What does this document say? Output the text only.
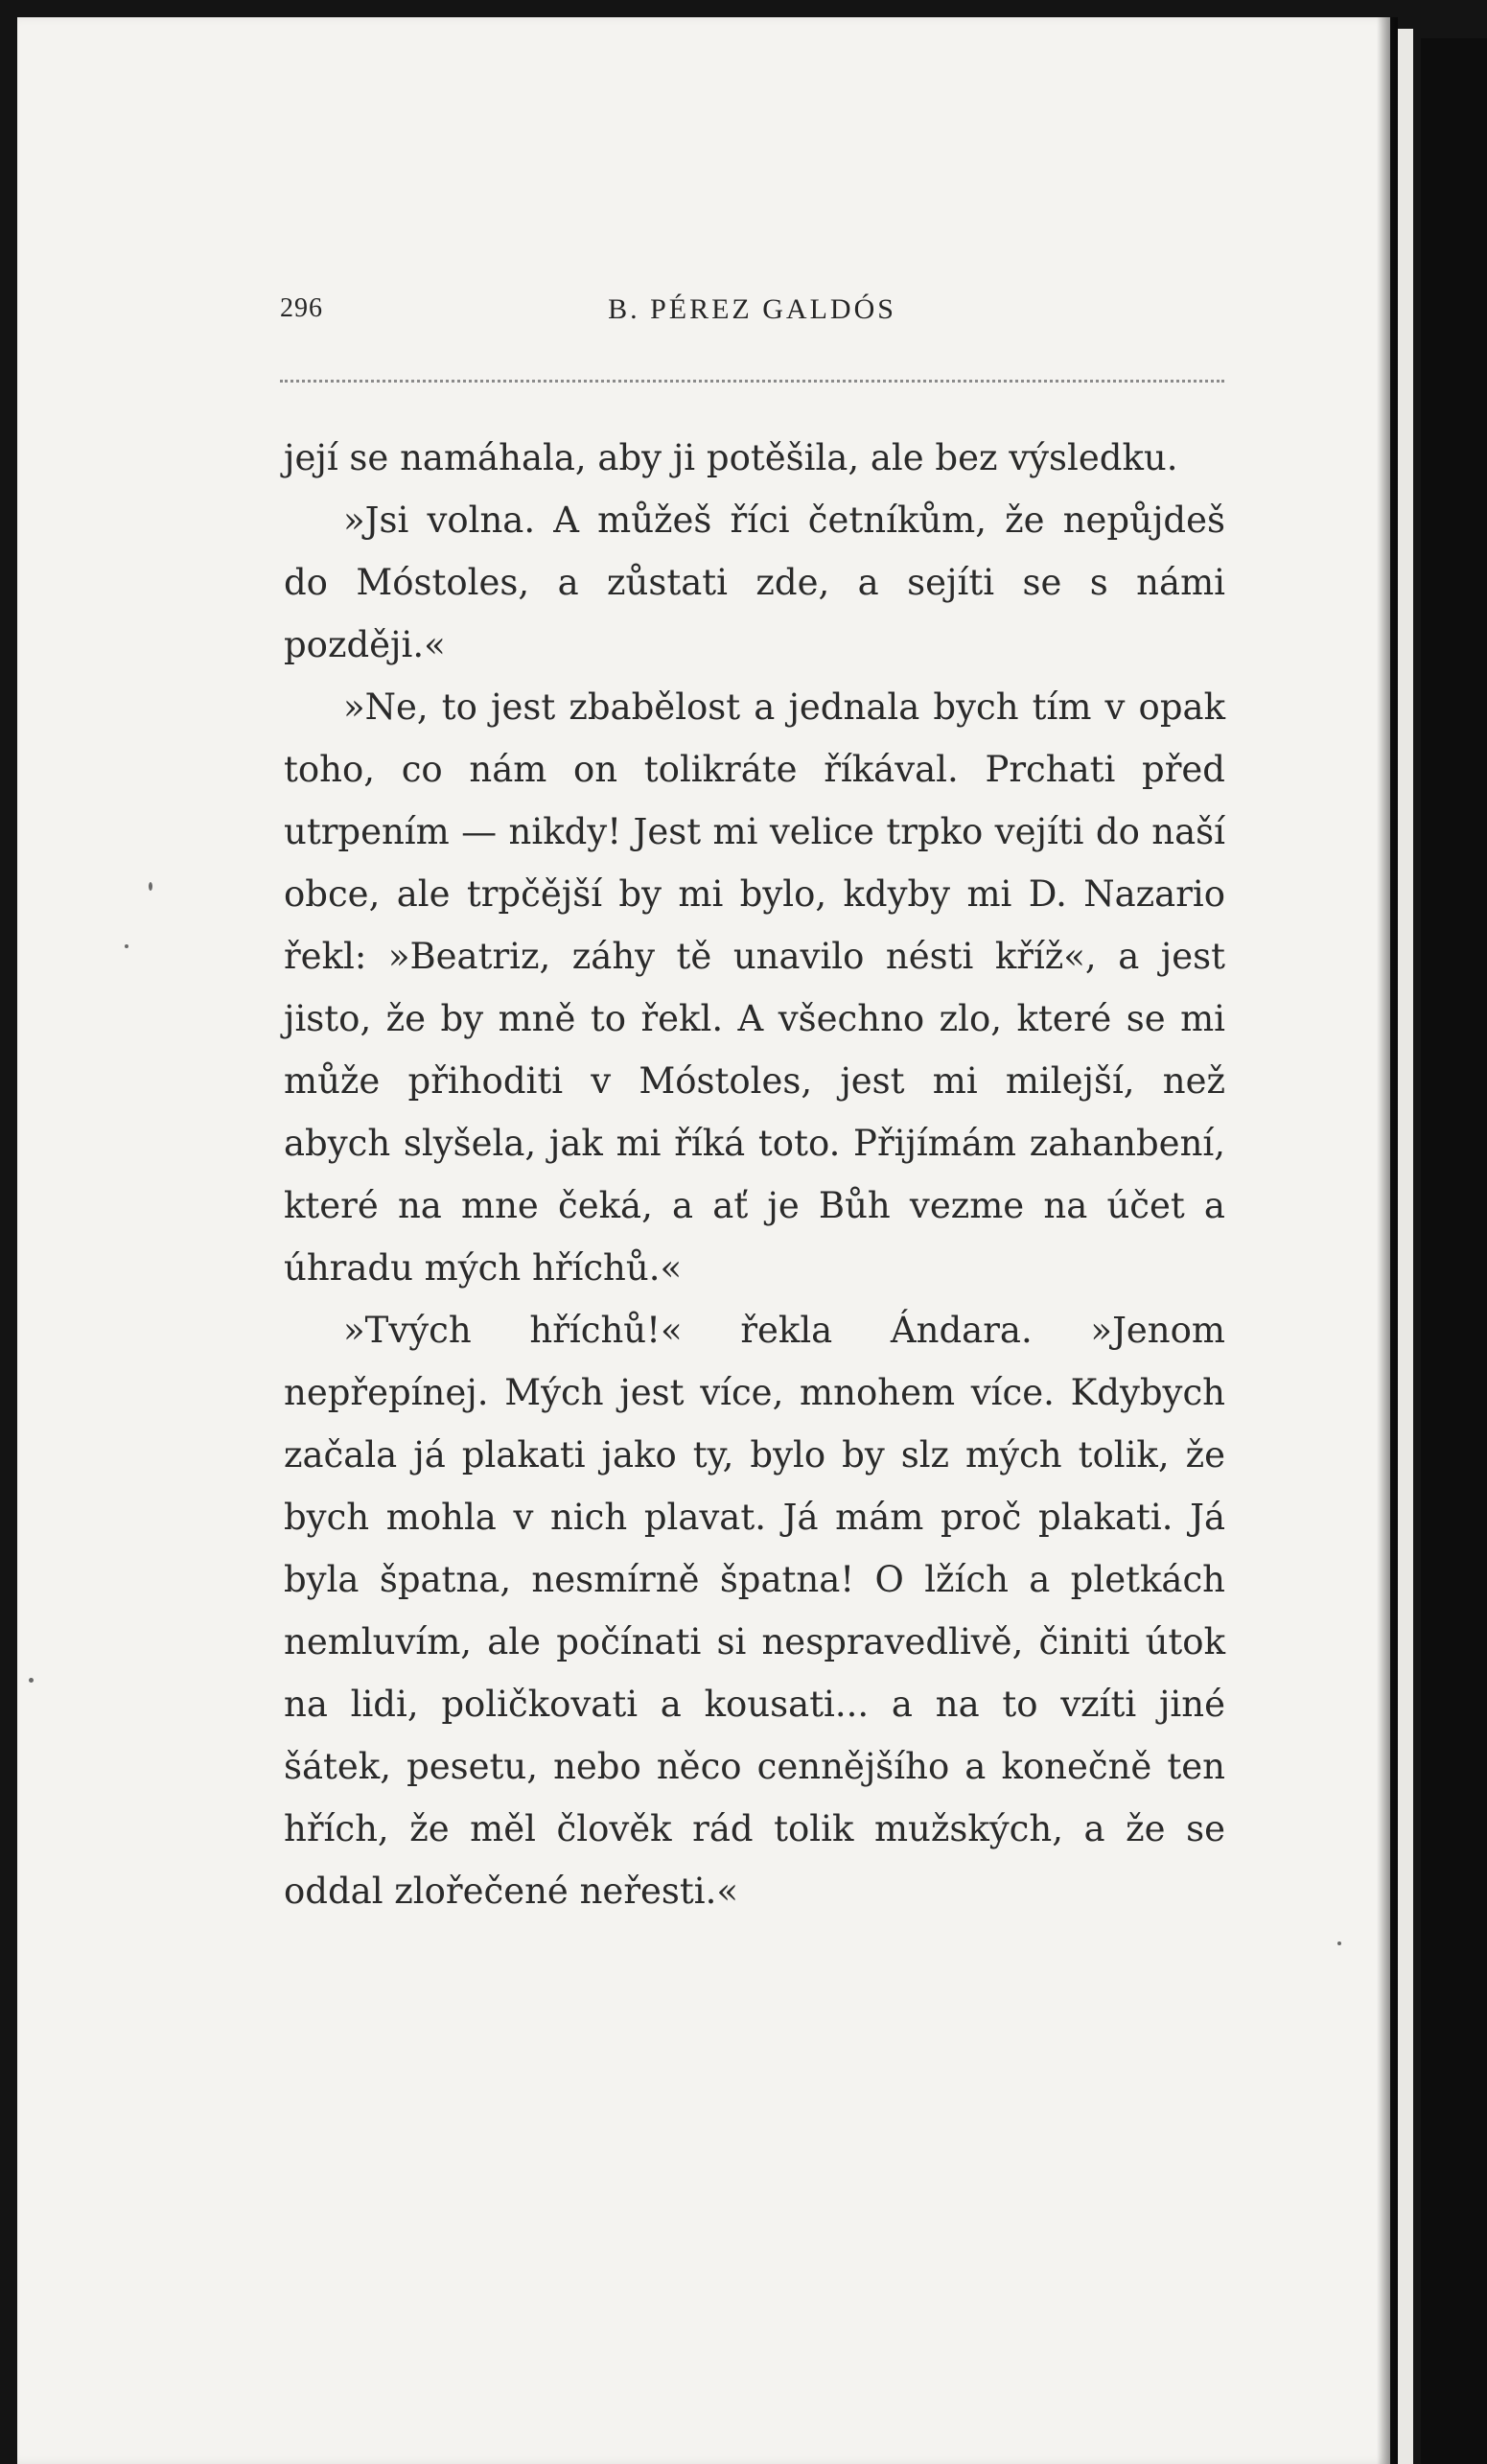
296	B. PÉREZ GALDÓS

její se namáhala, aby ji potěšila, ale bez výsledku.

»Jsi volna. A můžeš říci četníkům, že nepůjdeš do Móstoles, a zůstati zde, a sejíti se s námi později.«

»Ne, to jest zbabělost a jednala bych tím v opak toho, co nám on tolikráte říkával. Prchati před utrpením — nikdy! Jest mi velice trpko vejíti do naší obce, ale trpčější by mi bylo, kdyby mi D. Nazario řekl: »Beatriz, záhy tě unavilo nésti kříž«, a jest jisto, že by mně to řekl. A všechno zlo, které se mi může přihoditi v Móstoles, jest mi milejší, než abych slyšela, jak mi říká toto. Přijímám zahanbení, které na mne čeká, a ať je Bůh vezme na účet a úhradu mých hříchů.«

»Tvých hříchů!« řekla Ándara. »Jenom nepřepínej. Mých jest více, mnohem více. Kdybych začala já plakati jako ty, bylo by slz mých tolik, že bych mohla v nich plavat. Já mám proč plakati. Já byla špatna, nesmírně špatna! O lžích a pletkách nemluvím, ale počínati si nespravedlivě, činiti útok na lidi, poličkovati a kousati... a na to vzíti jiné šátek, pesetu, nebo něco cennějšího a konečně ten hřích, že měl člověk rád tolik mužských, a že se oddal zlořečené neřesti.«
